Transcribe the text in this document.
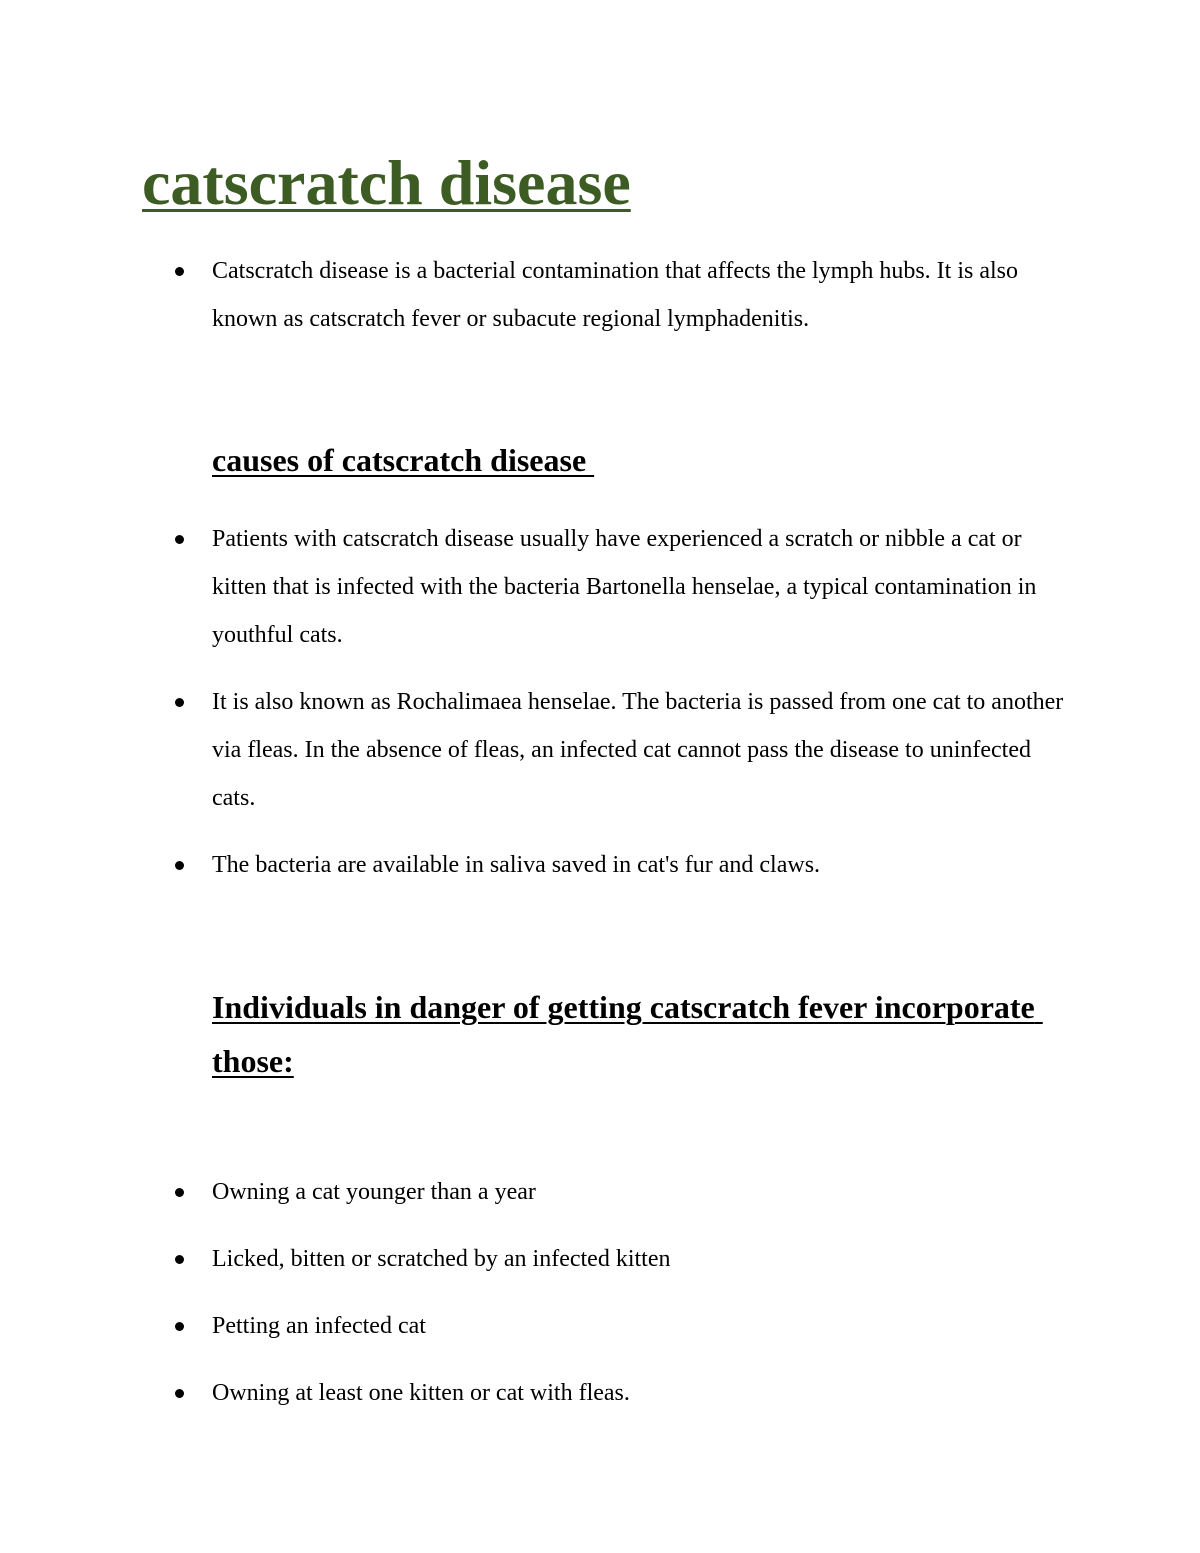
catscratch disease
Catscratch disease is a bacterial contamination that affects the lymph hubs. It is also known as catscratch fever or subacute regional lymphadenitis.
causes of catscratch disease
Patients with catscratch disease usually have experienced a scratch or nibble a cat or kitten that is infected with the bacteria Bartonella henselae, a typical contamination in youthful cats.
It is also known as Rochalimaea henselae. The bacteria is passed from one cat to another via fleas. In the absence of fleas, an infected cat cannot pass the disease to uninfected cats.
The bacteria are available in saliva saved in cat's fur and claws.
Individuals in danger of getting catscratch fever incorporate those:
Owning a cat younger than a year
Licked, bitten or scratched by an infected kitten
Petting an infected cat
Owning at least one kitten or cat with fleas.
